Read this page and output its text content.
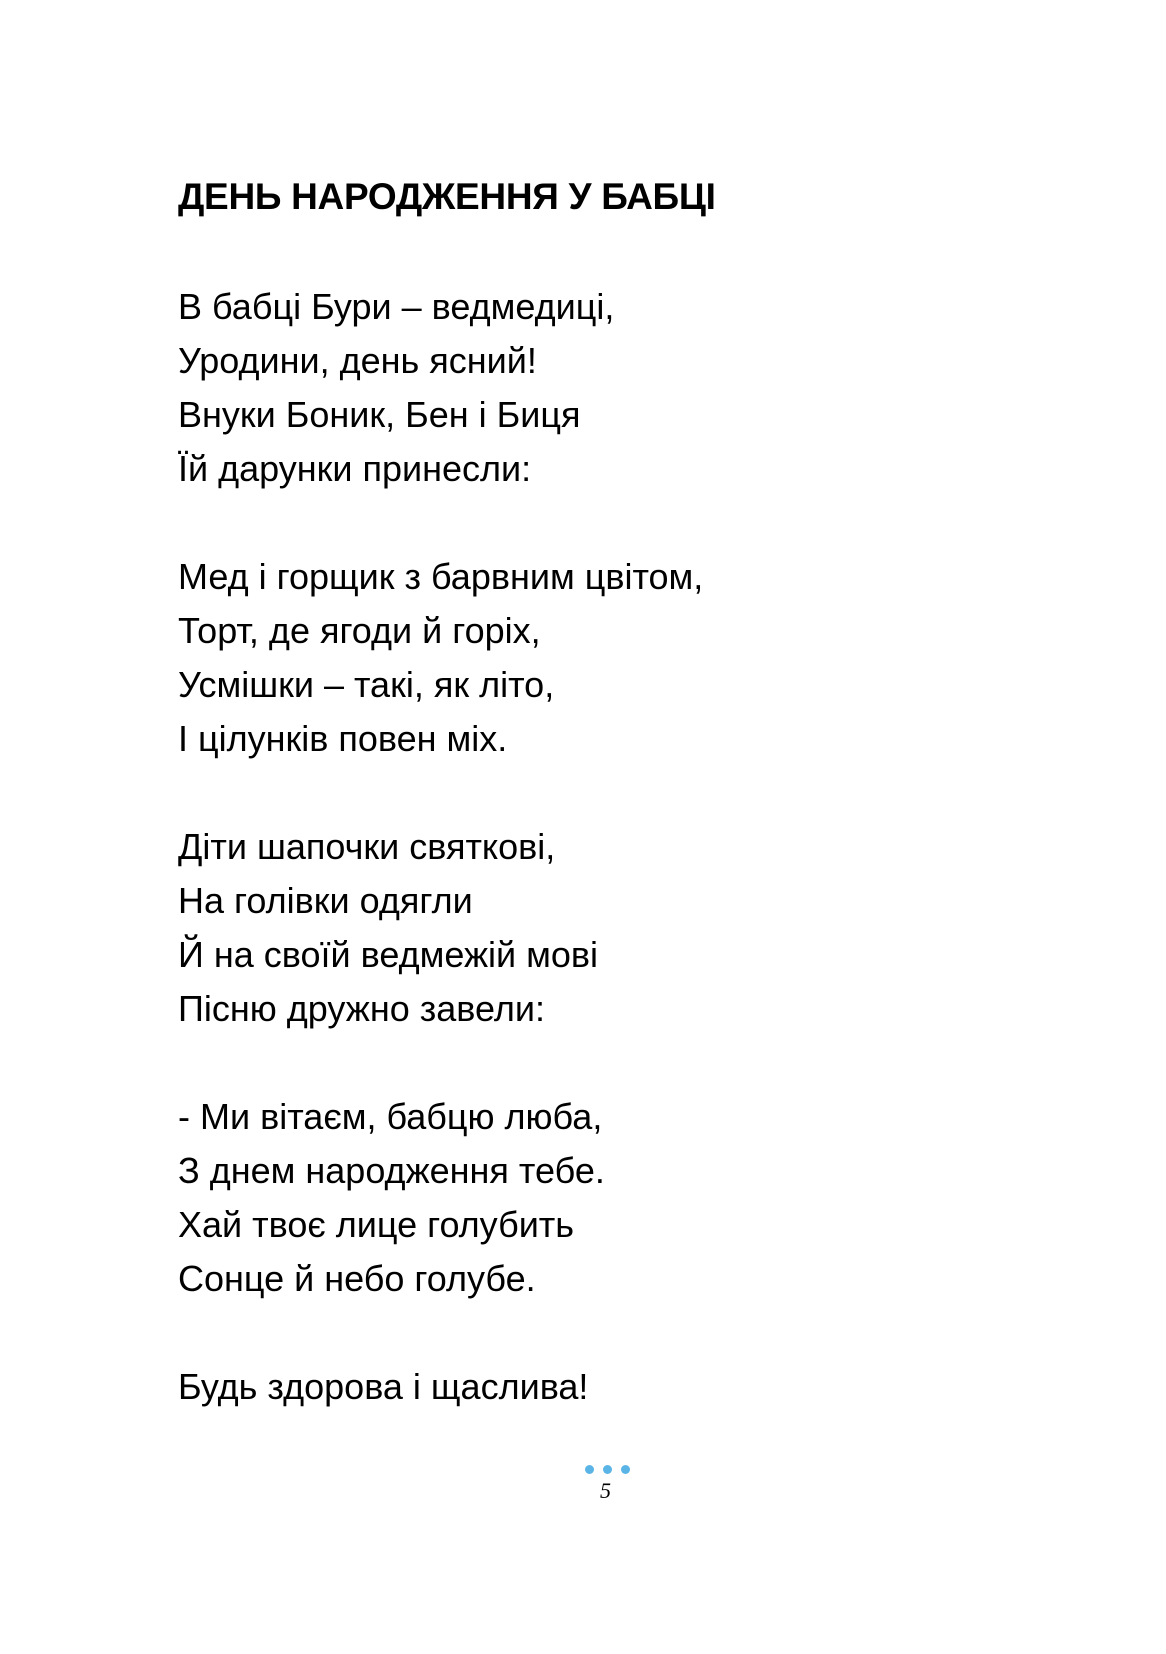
ДЕНЬ НАРОДЖЕННЯ У БАБЦІ
В бабці Бури – ведмедиці,
Уродини, день ясний!
Внуки Боник, Бен і Биця
Їй дарунки принесли:
Мед і горщик з барвним цвітом,
Торт, де ягоди й горіх,
Усмішки – такі, як літо,
І цілунків повен міх.
Діти шапочки святкові,
На голівки одягли
Й на своїй ведмежій мові
Пісню дружно завели:
- Ми вітаєм, бабцю люба,
З днем народження тебе.
Хай твоє лице голубить
Сонце й небо голубе.
Будь здорова і щаслива!
5
